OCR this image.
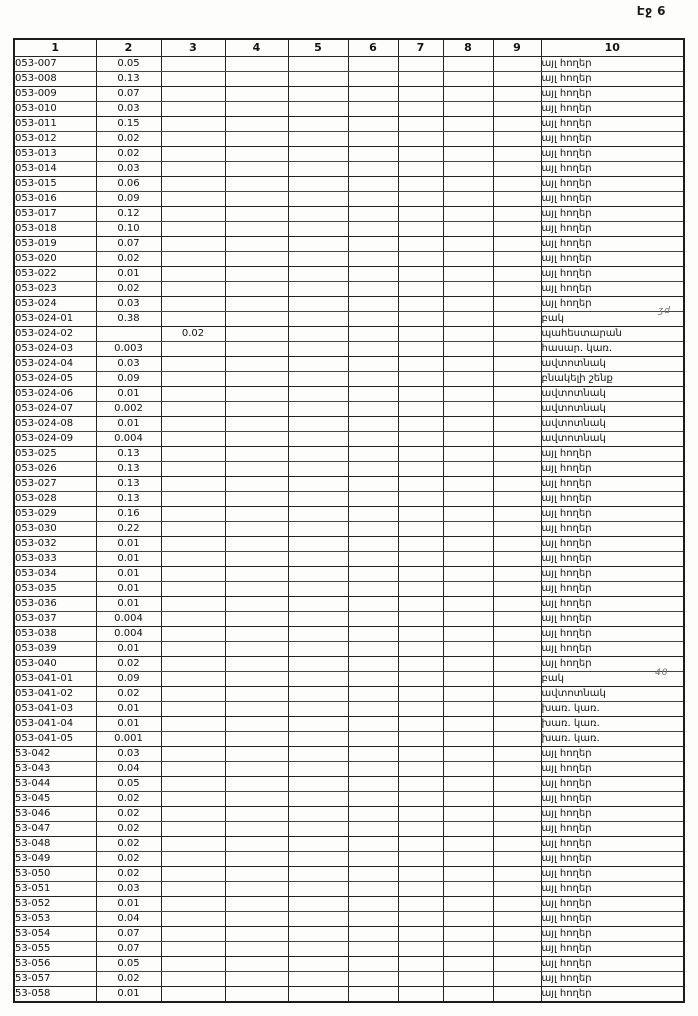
Էջ 6
1	2	3	4	5	6	7	8	9	10
053-007	0.05								այլ հողեր
053-008	0.13								այլ հողեր
053-009	0.07								այլ հողեր
053-010	0.03								այլ հողեր
053-011	0.15								այլ հողեր
053-012	0.02								այլ հողեր
053-013	0.02								այլ հողեր
053-014	0.03								այլ հողեր
053-015	0.06								այլ հողեր
053-016	0.09								այլ հողեր
053-017	0.12								այլ հողեր
053-018	0.10								այլ հողեր
053-019	0.07								այլ հողեր
053-020	0.02								այլ հողեր
053-022	0.01								այլ հողեր
053-023	0.02								այլ հողեր
053-024	0.03								այլ հողեր
053-024-01	0.38								բակ
053-024-02		0.02							պահեստարան
053-024-03	0.003								հասար. կառ.
053-024-04	0.03								ավտոտնակ
053-024-05	0.09								բնակելի շենք
053-024-06	0.01								ավտոտնակ
053-024-07	0.002								ավտոտնակ
053-024-08	0.01								ավտոտնակ
053-024-09	0.004								ավտոտնակ
053-025	0.13								այլ հողեր
053-026	0.13								այլ հողեր
053-027	0.13								այլ հողեր
053-028	0.13								այլ հողեր
053-029	0.16								այլ հողեր
053-030	0.22								այլ հողեր
053-032	0.01								այլ հողեր
053-033	0.01								այլ հողեր
053-034	0.01								այլ հողեր
053-035	0.01								այլ հողեր
053-036	0.01								այլ հողեր
053-037	0.004								այլ հողեր
053-038	0.004								այլ հողեր
053-039	0.01								այլ հողեր
053-040	0.02								այլ հողեր
053-041-01	0.09								բակ
053-041-02	0.02								ավտոտնակ
053-041-03	0.01								խառ. կառ.
053-041-04	0.01								խառ. կառ.
053-041-05	0.001								խառ. կառ.
53-042	0.03								այլ հողեր
53-043	0.04								այլ հողեր
53-044	0.05								այլ հողեր
53-045	0.02								այլ հողեր
53-046	0.02								այլ հողեր
53-047	0.02								այլ հողեր
53-048	0.02								այլ հողեր
53-049	0.02								այլ հողեր
53-050	0.02								այլ հողեր
53-051	0.03								այլ հողեր
53-052	0.01								այլ հողեր
53-053	0.04								այլ հողեր
53-054	0.07								այլ հողեր
53-055	0.07								այլ հողեր
53-056	0.05								այլ հողեր
53-057	0.02								այլ հողեր
53-058	0.01								այլ հողեր
ʒd
40
